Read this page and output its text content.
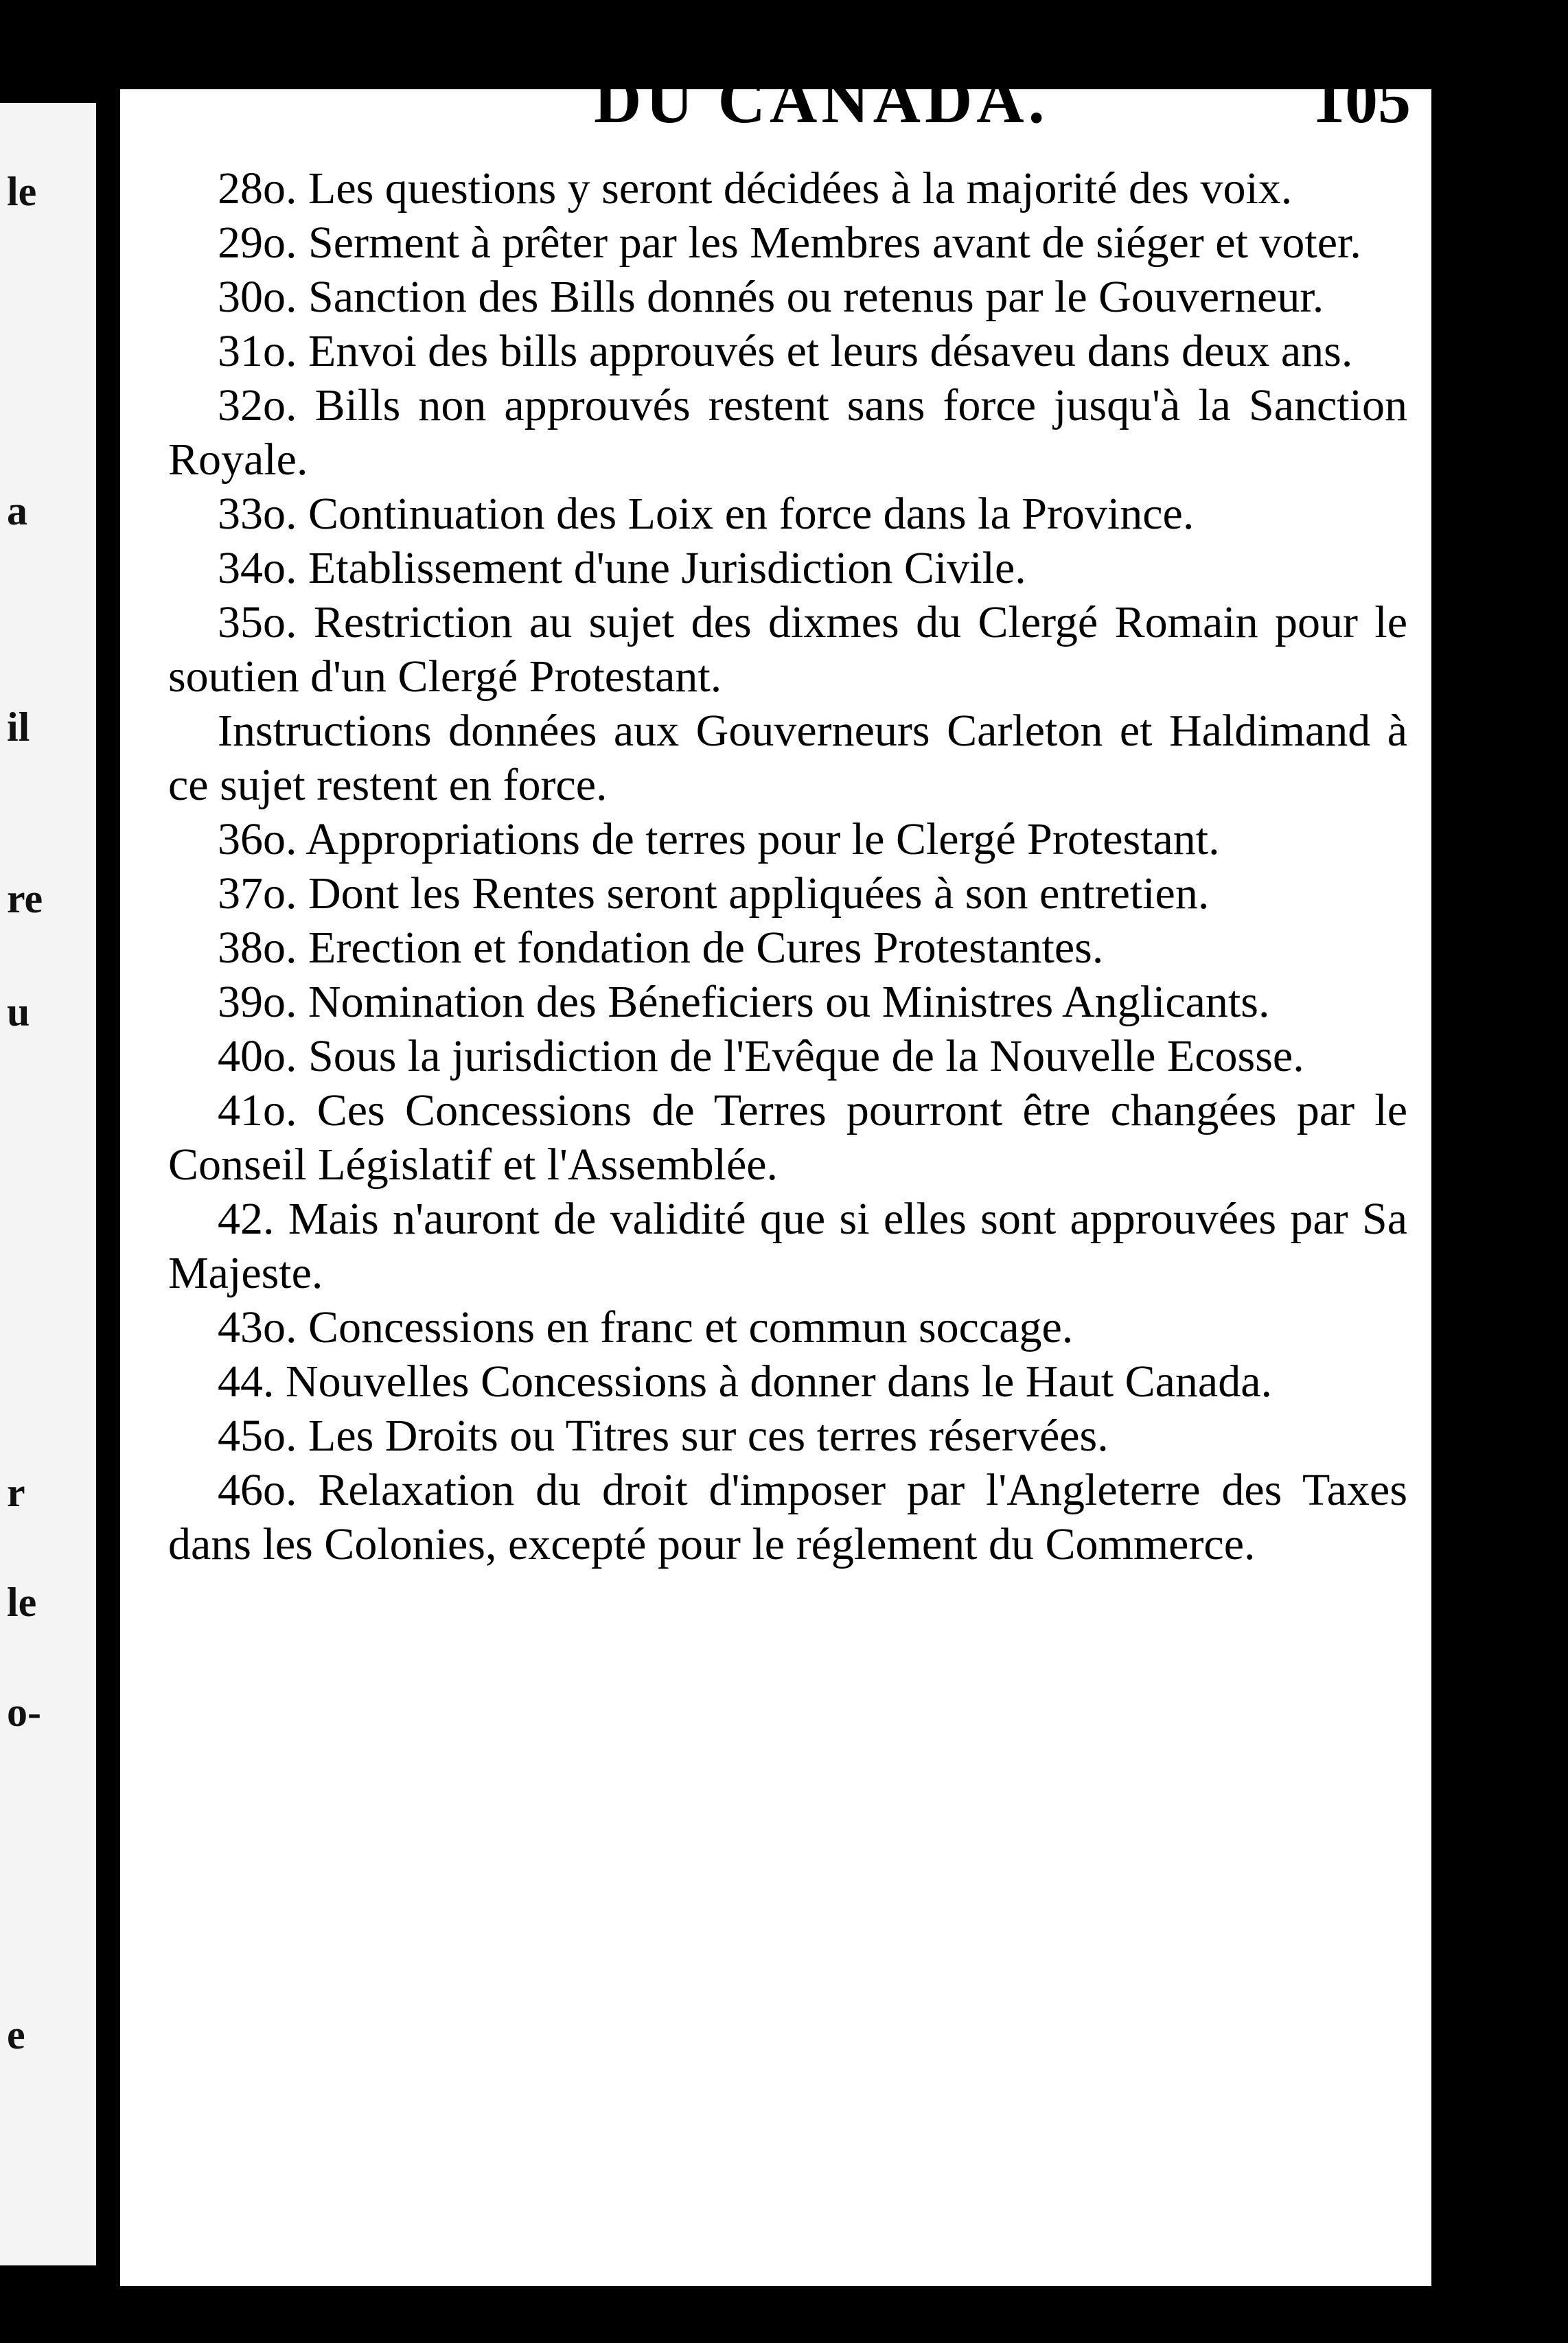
le
a
il
re
u
r
le
o-
e
DU CANADA.	105

28o. Les questions y seront décidées à la majorité des voix.

29o. Serment à prêter par les Membres avant de siéger et voter.

30o. Sanction des Bills donnés ou retenus par le Gouverneur.

31o. Envoi des bills approuvés et leurs désaveu dans deux ans.

32o. Bills non approuvés restent sans force jusqu'à la Sanction Royale.

33o. Continuation des Loix en force dans la Province.

34o. Etablissement d'une Jurisdiction Civile.

35o. Restriction au sujet des dixmes du Clergé Romain pour le soutien d'un Clergé Protestant.

Instructions données aux Gouverneurs Carleton et Haldimand à ce sujet restent en force.

36o. Appropriations de terres pour le Clergé Protestant.

37o. Dont les Rentes seront appliquées à son entretien.

38o. Erection et fondation de Cures Protestantes.

39o. Nomination des Béneficiers ou Ministres Anglicants.

40o. Sous la jurisdiction de l'Evêque de la Nouvelle Ecosse.

41o. Ces Concessions de Terres pourront être changées par le Conseil Législatif et l'Assemblée.

42. Mais n'auront de validité que si elles sont approuvées par Sa Majeste.

43o. Concessions en franc et commun soccage.

44. Nouvelles Concessions à donner dans le Haut Canada.

45o. Les Droits ou Titres sur ces terres réservées.

46o. Relaxation du droit d'imposer par l'Angleterre des Taxes dans les Colonies, excepté pour le réglement du Commerce.
